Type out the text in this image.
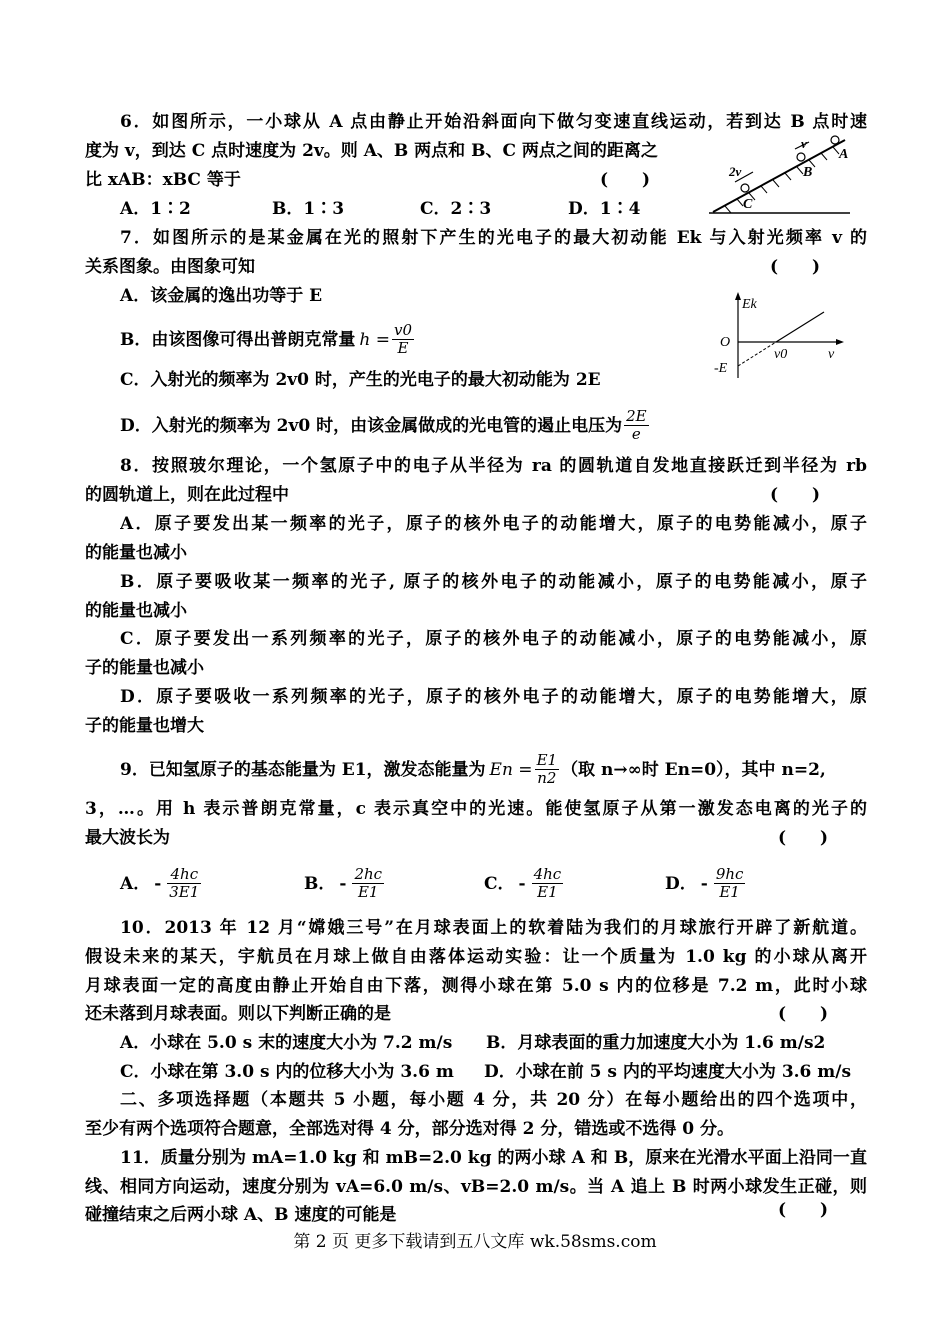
6．如图所示，一小球从 A 点由静止开始沿斜面向下做匀变速直线运动，若到达 B 点时速
度为 v，到达 C 点时速度为 2v。则 A、B 两点和 B、C 两点之间的距离之
比 xAB：xBC 等于	(　　)
A．1∶2	B．1∶3	C．2∶3	D．1∶4
v
A
B
2v
C
7．如图所示的是某金属在光的照射下产生的光电子的最大初动能 Ek 与入射光频率 v 的
关系图象。由图象可知	(　　)
A．该金属的逸出功等于 E
B．由该图像可得出普朗克常量 $h = \frac{v0}{E}$
C．入射光的频率为 2v0 时，产生的光电子的最大初动能为 2E
D．入射光的频率为 2v0 时，由该金属做成的光电管的遏止电压为 $\frac{2E}{e}$
Ek
O
v0	v
-E
8．按照玻尔理论，一个氢原子中的电子从半径为 ra 的圆轨道自发地直接跃迁到半径为 rb
的圆轨道上，则在此过程中	(　　)
A．原子要发出某一频率的光子，原子的核外电子的动能增大，原子的电势能减小，原子
的能量也减小
B．原子要吸收某一频率的光子, 原子的核外电子的动能减小，原子的电势能减小，原子
的能量也减小
C．原子要发出一系列频率的光子，原子的核外电子的动能减小，原子的电势能减小，原
子的能量也减小
D．原子要吸收一系列频率的光子，原子的核外电子的动能增大，原子的电势能增大，原
子的能量也增大
9．已知氢原子的基态能量为 E1，激发态能量为 $En = \frac{E1}{n2}$ （取 n→∞时 En=0），其中 n=2,
3，…。用 h 表示普朗克常量，c 表示真空中的光速。能使氢原子从第一激发态电离的光子的
最大波长为	(　　)
A． - $\frac{4hc}{3E1}$	B． - $\frac{2hc}{E1}$	C． - $\frac{4hc}{E1}$	D． - $\frac{9hc}{E1}$
10．2013 年 12 月“嫦娥三号”在月球表面上的软着陆为我们的月球旅行开辟了新航道。
假设未来的某天，宇航员在月球上做自由落体运动实验：让一个质量为 1.0 kg 的小球从离开
月球表面一定的高度由静止开始自由下落，测得小球在第 5.0 s 内的位移是 7.2 m，此时小球
还未落到月球表面。则以下判断正确的是	(　　)
A．小球在 5.0 s 末的速度大小为 7.2 m/s B．月球表面的重力加速度大小为 1.6 m/s2
C．小球在第 3.0 s 内的位移大小为 3.6 m D．小球在前 5 s 内的平均速度大小为 3.6 m/s
二、多项选择题（本题共 5 小题，每小题 4 分，共 20 分）在每小题给出的四个选项中，
至少有两个选项符合题意，全部选对得 4 分，部分选对得 2 分，错选或不选得 0 分。
11．质量分别为 mA=1.0 kg 和 mB=2.0 kg 的两小球 A 和 B，原来在光滑水平面上沿同一直
线、相同方向运动，速度分别为 vA=6.0 m/s、vB=2.0 m/s。当 A 追上 B 时两小球发生正碰，则
碰撞结束之后两小球 A、B 速度的可能是	(　　)
第 2 页 更多下载请到五八文库 wk.58sms.com
